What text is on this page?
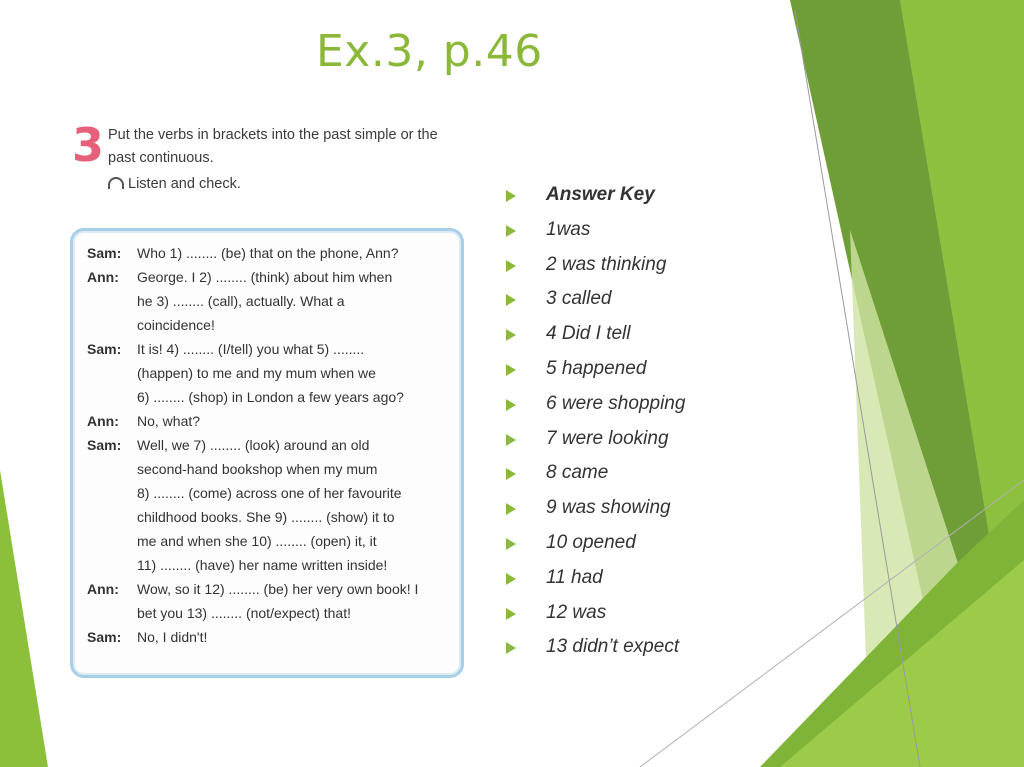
Ex.3, p.46
3 Put the verbs in brackets into the past simple or the past continuous.
Listen and check.
Sam: Who 1) ........ (be) that on the phone, Ann?
Ann: George. I 2) ........ (think) about him when
he 3) ........ (call), actually. What a
coincidence!
Sam: It is! 4) ........ (I/tell) you what 5) ........
(happen) to me and my mum when we
6) ........ (shop) in London a few years ago?
Ann: No, what?
Sam: Well, we 7) ........ (look) around an old
second-hand bookshop when my mum
8) ........ (come) across one of her favourite
childhood books. She 9) ........ (show) it to
me and when she 10) ........ (open) it, it
11) ........ (have) her name written inside!
Ann: Wow, so it 12) ........ (be) her very own book! I
bet you 13) ........ (not/expect) that!
Sam: No, I didn't!
Answer Key
1was
2 was thinking
3 called
4 Did I tell
5 happened
6 were shopping
7 were looking
8 came
9 was showing
10 opened
11 had
12 was
13 didn’t expect
